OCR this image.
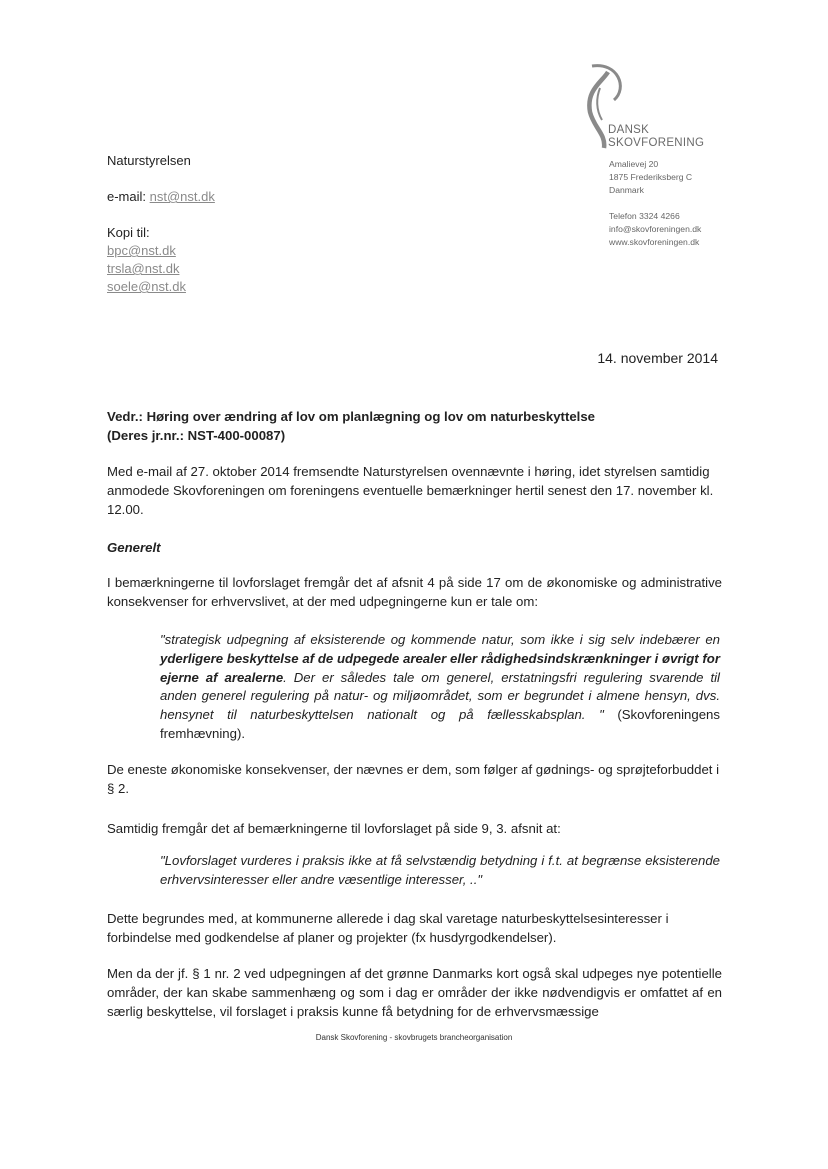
Naturstyrelsen
e-mail: nst@nst.dk
Kopi til:
bpc@nst.dk
trsla@nst.dk
soele@nst.dk
DANSK
SKOVFORENING
Amalievej 20
1875 Frederiksberg C
Danmark
Telefon 3324 4266
info@skovforeningen.dk
www.skovforeningen.dk
14. november 2014

Vedr.: Høring over ændring af lov om planlægning og lov om naturbeskyttelse

(Deres jr.nr.: NST-400-00087)

Med e-mail af 27. oktober 2014 fremsendte Naturstyrelsen ovennævnte i høring, idet styrelsen samtidig anmodede Skovforeningen om foreningens eventuelle bemærkninger hertil senest den 17. november kl. 12.00.

Generelt

I bemærkningerne til lovforslaget fremgår det af afsnit 4 på side 17 om de økonomiske og administrative konsekvenser for erhvervslivet, at der med udpegningerne kun er tale om:

"strategisk udpegning af eksisterende og kommende natur, som ikke i sig selv indebærer en yderligere beskyttelse af de udpegede arealer eller rådighedsindskrænkninger i øvrigt for ejerne af arealerne. Der er således tale om generel, erstatningsfri regulering svarende til anden generel regulering på natur- og miljøområdet, som er begrundet i almene hensyn, dvs. hensynet til naturbeskyttelsen nationalt og på fællesskabsplan. " (Skovforeningens fremhævning).

De eneste økonomiske konsekvenser, der nævnes er dem, som følger af gødnings- og sprøjteforbuddet i § 2.

Samtidig fremgår det af bemærkningerne til lovforslaget på side 9, 3. afsnit at:

"Lovforslaget vurderes i praksis ikke at få selvstændig betydning i f.t. at begrænse eksisterende erhvervsinteresser eller andre væsentlige interesser, .."

Dette begrundes med, at kommunerne allerede i dag skal varetage naturbeskyttelsesinteresser i forbindelse med godkendelse af planer og projekter (fx husdyrgodkendelser).

Men da der jf. § 1 nr. 2 ved udpegningen af det grønne Danmarks kort også skal udpeges nye potentielle områder, der kan skabe sammenhæng og som i dag er områder der ikke nødvendigvis er omfattet af en særlig beskyttelse, vil forslaget i praksis kunne få betydning for de erhvervsmæssige

Dansk Skovforening - skovbrugets brancheorganisation
